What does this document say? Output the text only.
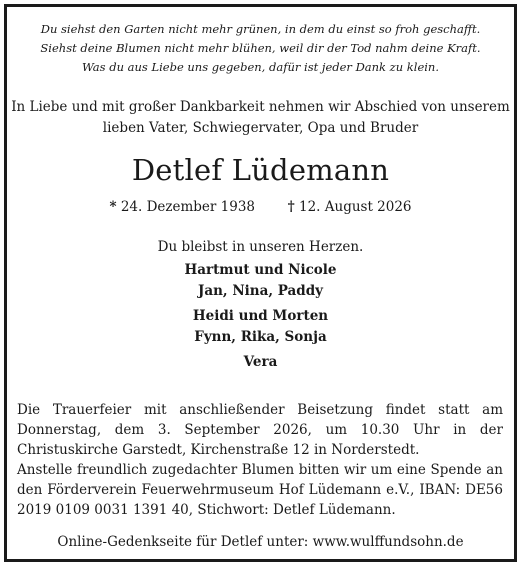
Du siehst den Garten nicht mehr grünen, in dem du einst so froh geschafft.
Siehst deine Blumen nicht mehr blühen, weil dir der Tod nahm deine Kraft.
Was du aus Liebe uns gegeben, dafür ist jeder Dank zu klein.
In Liebe und mit großer Dankbarkeit nehmen wir Abschied von unserem
lieben Vater, Schwiegervater, Opa und Bruder
Detlef Lüdemann
* 24. Dezember 1938 † 12. August 2026
Du bleibst in unseren Herzen.
Hartmut und Nicole
Jan, Nina, Paddy
Heidi und Morten
Fynn, Rika, Sonja
Vera
Die Trauerfeier mit anschließender Beisetzung findet statt am Donnerstag, dem 3. September 2026, um 10.30 Uhr in der Christuskirche Garstedt, Kirchenstraße 12 in Norderstedt.
Anstelle freundlich zugedachter Blumen bitten wir um eine Spende an den Förderverein Feuerwehrmuseum Hof Lüdemann e.V., IBAN: DE56 2019 0109 0031 1391 40, Stichwort: Detlef Lüdemann.
Online-Gedenkseite für Detlef unter: www.wulffundsohn.de
